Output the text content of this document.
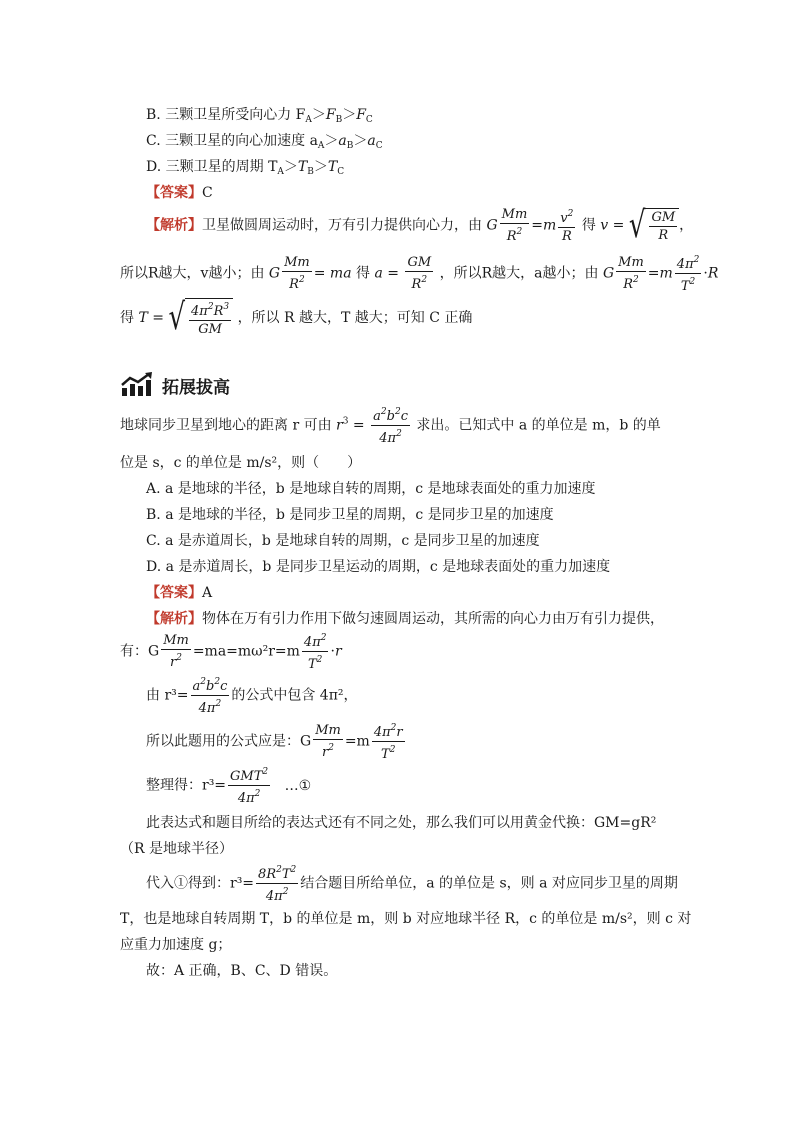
B. 三颗卫星所受向心力 $F_A>F_B>F_C$
C. 三颗卫星的向心加速度 $a_A>a_B>a_C$
D. 三颗卫星的周期 $T_A>T_B>T_C$
【答案】C
【解析】卫星做圆周运动时，万有引力提供向心力，由 G $\frac{Mm}{R^2} =m \frac{v^2}{R}$ 得 v = √ $\frac{GM}{R}$ ，
所以R越大，v越小；由 G $\frac{Mm}{R^2}$ = ma 得 $a = \frac{GM}{R^2}$ ，所以R越大，a越小；由 G $\frac{Mm}{R^2} =m \frac{4\pi^2}{T^2} \cdot R$
得 T = √ $\frac{4\pi^2R^3}{GM}$ ，所以 R 越大，T 越大；可知 C 正确
拓展拔高
地球同步卫星到地心的距离 r 可由 $r^3 = \frac{a^2b^2c}{4\pi^2}$ 求出。已知式中 a 的单位是 m，b 的单
位是 s，c 的单位是 m/s²，则（　　）
A. a 是地球的半径，b 是地球自转的周期，c 是地球表面处的重力加速度
B. a 是地球的半径，b 是同步卫星的周期，c 是同步卫星的加速度
C. a 是赤道周长，b 是地球自转的周期，c 是同步卫星的加速度
D. a 是赤道周长，b 是同步卫星运动的周期，c 是地球表面处的重力加速度
【答案】A
【解析】物体在万有引力作用下做匀速圆周运动，其所需的向心力由万有引力提供，
有：G $\frac{Mm}{r^2} =ma=m\omega^2r=m \frac{4\pi^2}{T^2} \cdot r$
由 $r^3= \frac{a^2b^2c}{4\pi^2}$ 的公式中包含 4π²，
所以此题用的公式应是：G $\frac{Mm}{r^2} =m \frac{4\pi^2r}{T^2}$
整理得：$r^3= \frac{GMT^2}{4\pi^2}$ …①
此表达式和题目所给的表达式还有不同之处，那么我们可以用黄金代换：GM=gR²
（R 是地球半径）
代入①得到：$r^3= \frac{8R^2T^2}{4\pi^2}$ 结合题目所给单位，a 的单位是 s，则 a 对应同步卫星的周期
T，也是地球自转周期 T，b 的单位是 m，则 b 对应地球半径 R，c 的单位是 m/s²，则 c 对
应重力加速度 g；
故：A 正确，B、C、D 错误。
